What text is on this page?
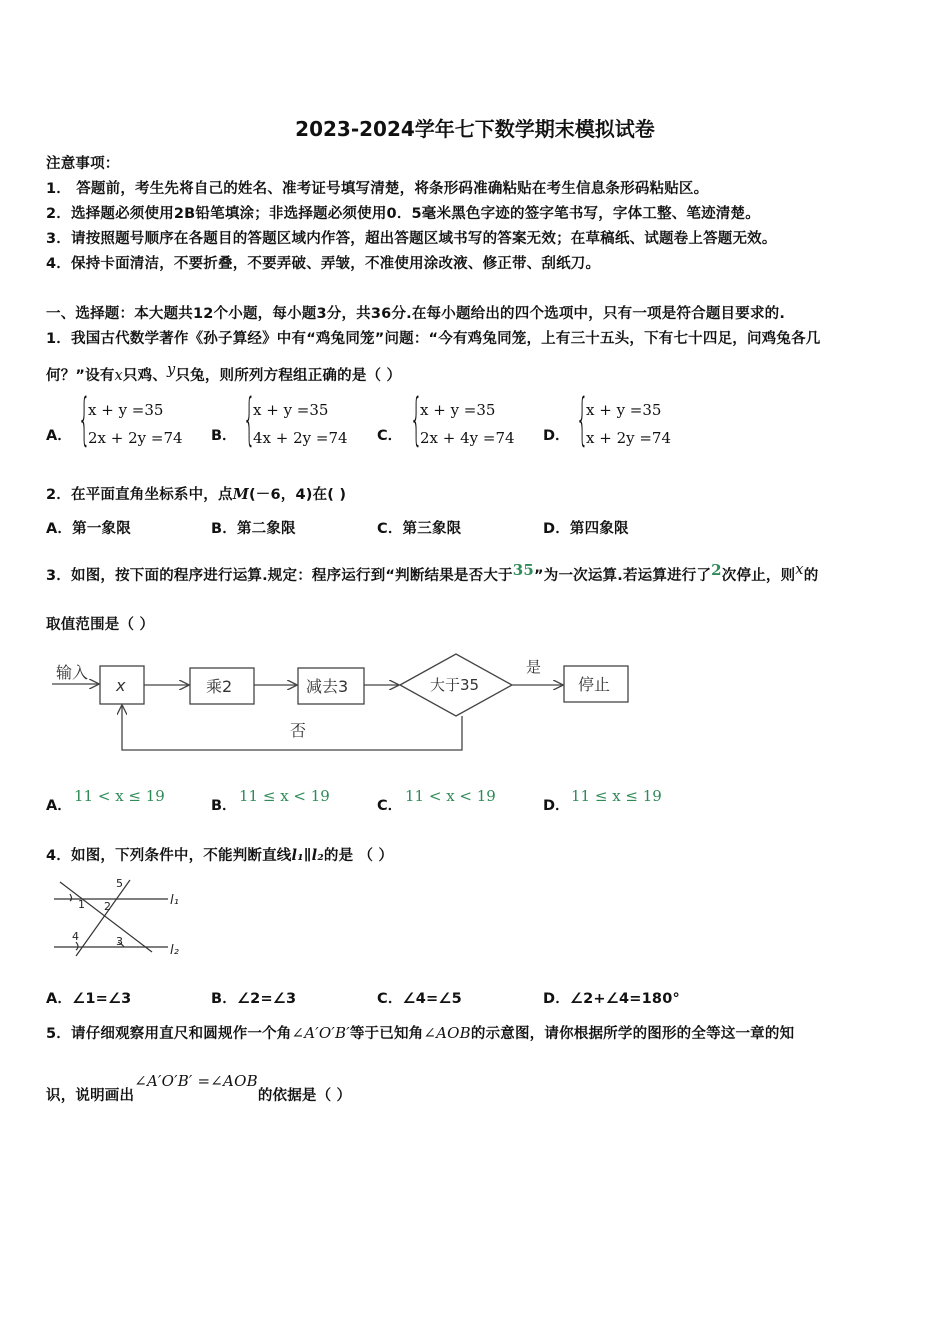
2023-2024学年七下数学期末模拟试卷
注意事项：
1． 答题前，考生先将自己的姓名、准考证号填写清楚，将条形码准确粘贴在考生信息条形码粘贴区。
2．选择题必须使用2B铅笔填涂；非选择题必须使用0．5毫米黑色字迹的签字笔书写，字体工整、笔迹清楚。
3．请按照题号顺序在各题目的答题区域内作答，超出答题区域书写的答案无效；在草稿纸、试题卷上答题无效。
4．保持卡面清洁，不要折叠，不要弄破、弄皱，不准使用涂改液、修正带、刮纸刀。
一、选择题：本大题共12个小题，每小题3分，共36分.在每小题给出的四个选项中，只有一项是符合题目要求的.
1．我国古代数学著作《孙子算经》中有“鸡兔同笼”问题：“今有鸡兔同笼，上有三十五头，下有七十四足，问鸡兔各几
何？”设有x只鸡、y只兔，则所列方程组正确的是（ ）
A． {
x + y =35
2x + 2y =74 B． {
x + y =35
4x + 2y =74 C． {
x + y =35
2x + 4y =74 D． {
x + y =35
x + 2y =74
2．在平面直角坐标系中，点M(－6，4)在( )
A．第一象限	B．第二象限	C．第三象限	D．第四象限
3．如图，按下面的程序进行运算.规定：程序运行到“判断结果是否大于35”为一次运算.若运算进行了2次停止，则x的
取值范围是（ ）
输入
x	乘2	减去3	大于35
是
停止
否
A．
11 < x ≤ 19
B．
11 ≤ x < 19
C．
11 < x < 19
D．
11 ≤ x ≤ 19
4．如图，下列条件中，不能判断直线l₁∥l₂的是 （ ）
1 2
3
4
5
l₁
l₂
A．∠1=∠3	B．∠2=∠3	C．∠4=∠5	D．∠2+∠4=180°
5．请仔细观察用直尺和圆规作一个角∠A′O′B′等于已知角∠AOB的示意图，请你根据所学的图形的全等这一章的知
识，说明画出∠A′O′B′ =∠AOB的依据是（ ）
